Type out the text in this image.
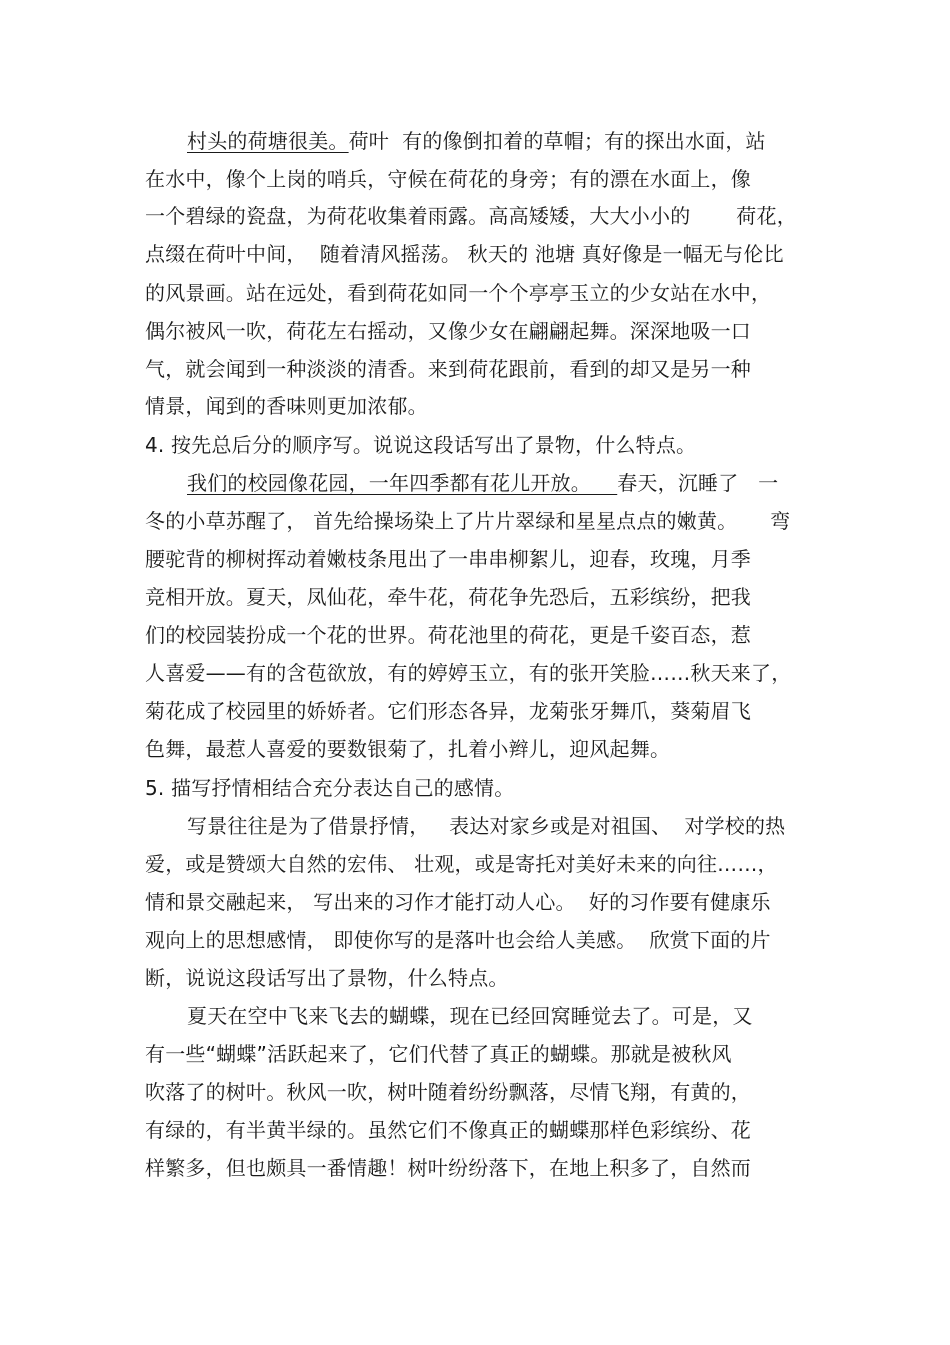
村头的荷塘很美。荷叶  有的像倒扣着的草帽；有的探出水面，站
在水中，像个上岗的哨兵，守候在荷花的身旁；有的漂在水面上，像
一个碧绿的瓷盘，为荷花收集着雨露。高高矮矮，大大小小的       荷花，
点缀在荷叶中间，  随着清风摇荡。 秋天的 池塘 真好像是一幅无与伦比
的风景画。站在远处，看到荷花如同一个个亭亭玉立的少女站在水中，
偶尔被风一吹，荷花左右摇动，又像少女在翩翩起舞。深深地吸一口
气，就会闻到一种淡淡的清香。来到荷花跟前，看到的却又是另一种
情景，闻到的香味则更加浓郁。
4. 按先总后分的顺序写。说说这段话写出了景物，什么特点。
我们的校园像花园，一年四季都有花儿开放。    春天，沉睡了   一
冬的小草苏醒了， 首先给操场染上了片片翠绿和星星点点的嫩黄。     弯
腰驼背的柳树挥动着嫩枝条甩出了一串串柳絮儿，迎春，玫瑰，月季
竞相开放。夏天，凤仙花，牵牛花，荷花争先恐后，五彩缤纷，把我
们的校园装扮成一个花的世界。荷花池里的荷花，更是千姿百态，惹
人喜爱——有的含苞欲放，有的婷婷玉立，有的张开笑脸……秋天来了，
菊花成了校园里的娇娇者。它们形态各异，龙菊张牙舞爪，葵菊眉飞
色舞，最惹人喜爱的要数银菊了，扎着小辫儿，迎风起舞。
5. 描写抒情相结合充分表达自己的感情。
写景往往是为了借景抒情，   表达对家乡或是对祖国、  对学校的热
爱，或是赞颂大自然的宏伟、 壮观，或是寄托对美好未来的向往……，
情和景交融起来， 写出来的习作才能打动人心。  好的习作要有健康乐
观向上的思想感情， 即使你写的是落叶也会给人美感。  欣赏下面的片
断，说说这段话写出了景物，什么特点。
夏天在空中飞来飞去的蝴蝶，现在已经回窝睡觉去了。可是，又
有一些“蝴蝶”活跃起来了，它们代替了真正的蝴蝶。那就是被秋风
吹落了的树叶。秋风一吹，树叶随着纷纷飘落，尽情飞翔，有黄的，
有绿的，有半黄半绿的。虽然它们不像真正的蝴蝶那样色彩缤纷、花
样繁多，但也颇具一番情趣！树叶纷纷落下，在地上积多了，自然而
